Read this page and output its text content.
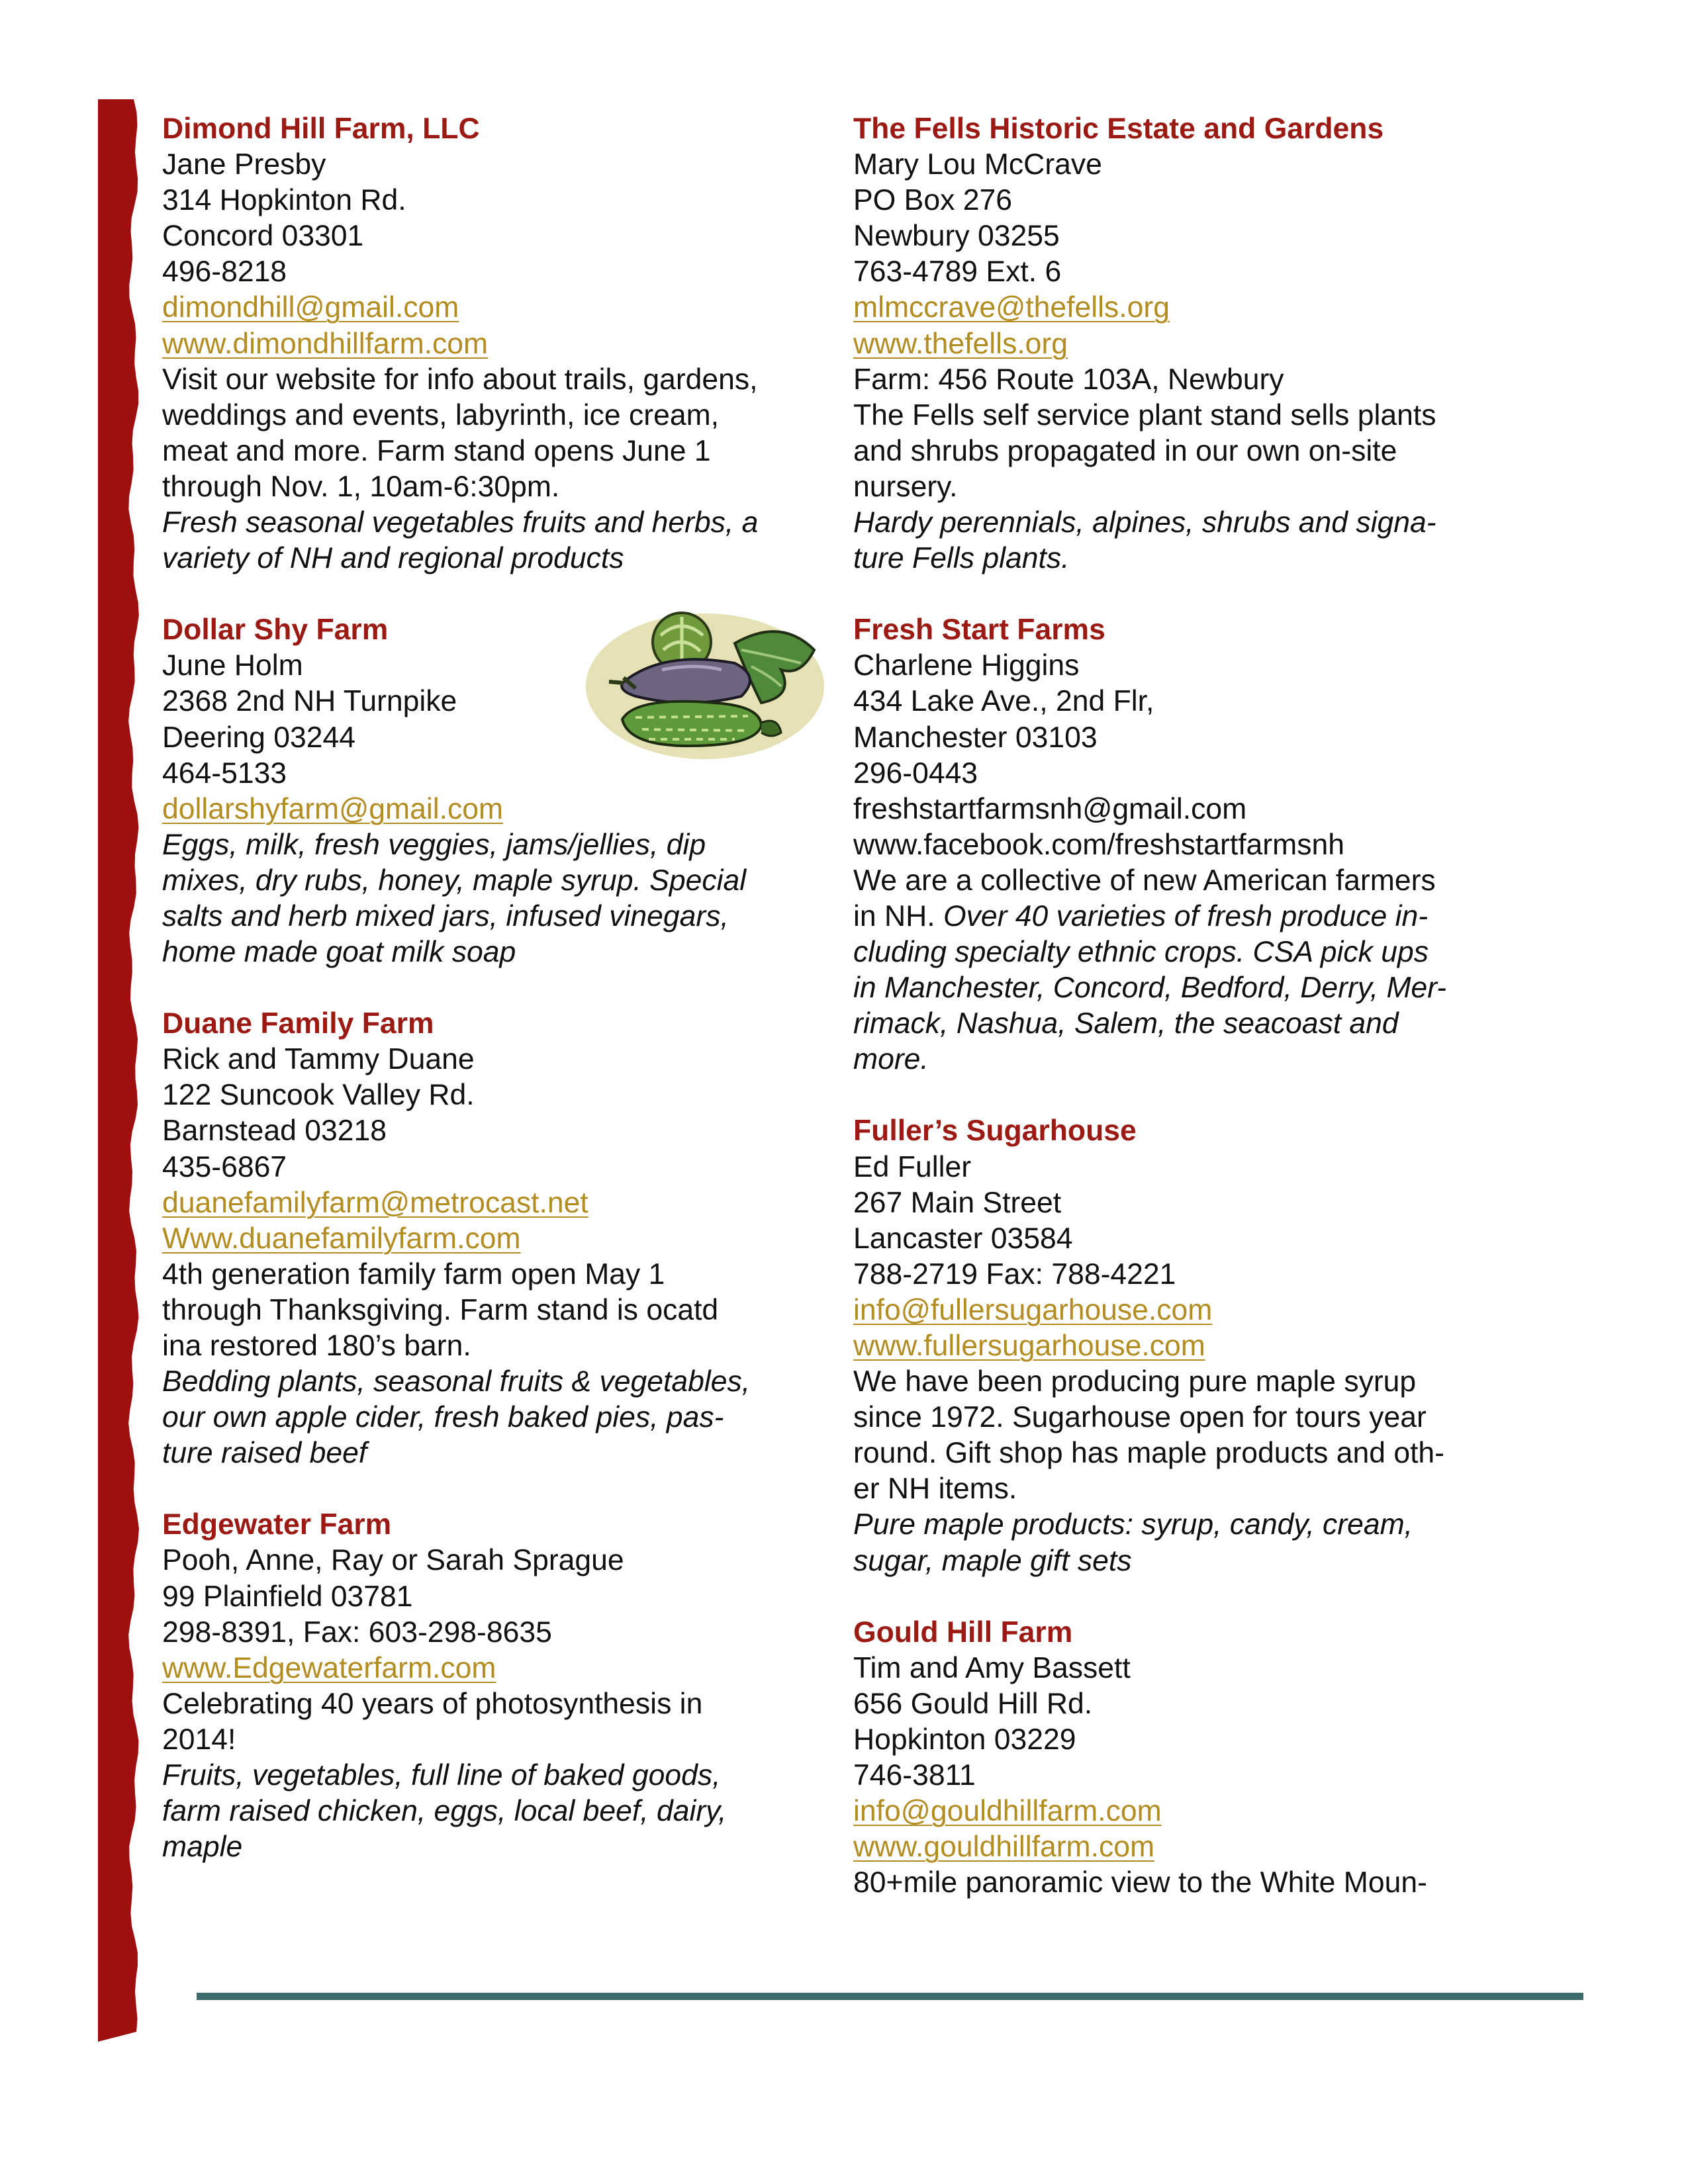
Dimond Hill Farm, LLC
Jane Presby
314 Hopkinton Rd.
Concord 03301
496-8218
dimondhill@gmail.com
www.dimondhillfarm.com
Visit our website for info about trails, gardens,
weddings and events, labyrinth, ice cream,
meat and more. Farm stand opens June 1
through Nov. 1, 10am-6:30pm.
Fresh seasonal vegetables fruits and herbs, a
variety of NH and regional products
Dollar Shy Farm
June Holm
2368 2nd NH Turnpike
Deering 03244
464-5133
dollarshyfarm@gmail.com
Eggs, milk, fresh veggies, jams/jellies, dip
mixes, dry rubs, honey, maple syrup. Special
salts and herb mixed jars, infused vinegars,
home made goat milk soap
Duane Family Farm
Rick and Tammy Duane
122 Suncook Valley Rd.
Barnstead 03218
435-6867
duanefamilyfarm@metrocast.net
Www.duanefamilyfarm.com
4th generation family farm open May 1
through Thanksgiving. Farm stand is ocatd
ina restored 180’s barn.
Bedding plants, seasonal fruits & vegetables,
our own apple cider, fresh baked pies, pas-
ture raised beef
Edgewater Farm
Pooh, Anne, Ray or Sarah Sprague
99 Plainfield 03781
298-8391, Fax: 603-298-8635
www.Edgewaterfarm.com
Celebrating 40 years of photosynthesis in
2014!
Fruits, vegetables, full line of baked goods,
farm raised chicken, eggs, local beef, dairy,
maple
The Fells Historic Estate and Gardens
Mary Lou McCrave
PO Box 276
Newbury 03255
763-4789 Ext. 6
mlmccrave@thefells.org
www.thefells.org
Farm: 456 Route 103A, Newbury
The Fells self service plant stand sells plants
and shrubs propagated in our own on-site
nursery.
Hardy perennials, alpines, shrubs and signa-
ture Fells plants.
Fresh Start Farms
Charlene Higgins
434 Lake Ave., 2nd Flr,
Manchester 03103
296-0443
freshstartfarmsnh@gmail.com
www.facebook.com/freshstartfarmsnh
We are a collective of new American farmers
in NH. Over 40 varieties of fresh produce in-
cluding specialty ethnic crops. CSA pick ups
in Manchester, Concord, Bedford, Derry, Mer-
rimack, Nashua, Salem, the seacoast and
more.
Fuller’s Sugarhouse
Ed Fuller
267 Main Street
Lancaster 03584
788-2719 Fax: 788-4221
info@fullersugarhouse.com
www.fullersugarhouse.com
We have been producing pure maple syrup
since 1972. Sugarhouse open for tours year
round. Gift shop has maple products and oth-
er NH items.
Pure maple products: syrup, candy, cream,
sugar, maple gift sets
Gould Hill Farm
Tim and Amy Bassett
656 Gould Hill Rd.
Hopkinton 03229
746-3811
info@gouldhillfarm.com
www.gouldhillfarm.com
80+mile panoramic view to the White Moun-
